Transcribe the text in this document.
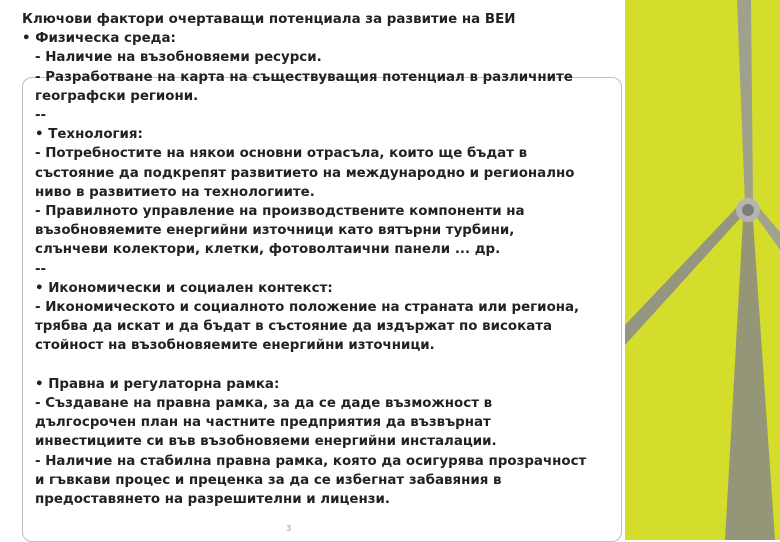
Ключови фактори очертаващи потенциала за развитие на ВЕИ

• Физическа среда:

- Наличие на възобновяеми ресурси.

- Разработване на карта на съществуващия потенциал в различните

географски региони.

--

• Технология:

- Потребностите на някои основни отрасъла, които ще бъдат в

състояние да подкрепят развитието на международно и регионално

ниво в развитието на технологиите.

- Правилното управление на производствените компоненти на

възобновяемите енергийни източници като вятърни турбини,

слънчеви колектори, клетки, фотоволтаични панели ... др.

--

• Икономически и социален контекст:

- Икономическото и социалното положение на страната или региона,

трябва да искат и да бъдат в състояние да издържат по високата

стойност на възобновяемите енергийни източници.

• Правна и регулаторна рамка:

- Създаване на правна рамка, за да се даде възможност в

дългосрочен план на частните предприятия да възвърнат

инвестициите си във възобновяеми енергийни инсталации.

- Наличие на стабилна правна рамка, която да осигурява прозрачност

и гъвкави процес и преценка за да се избегнат забавяния в

предоставянето на разрешителни и лицензи.

3
